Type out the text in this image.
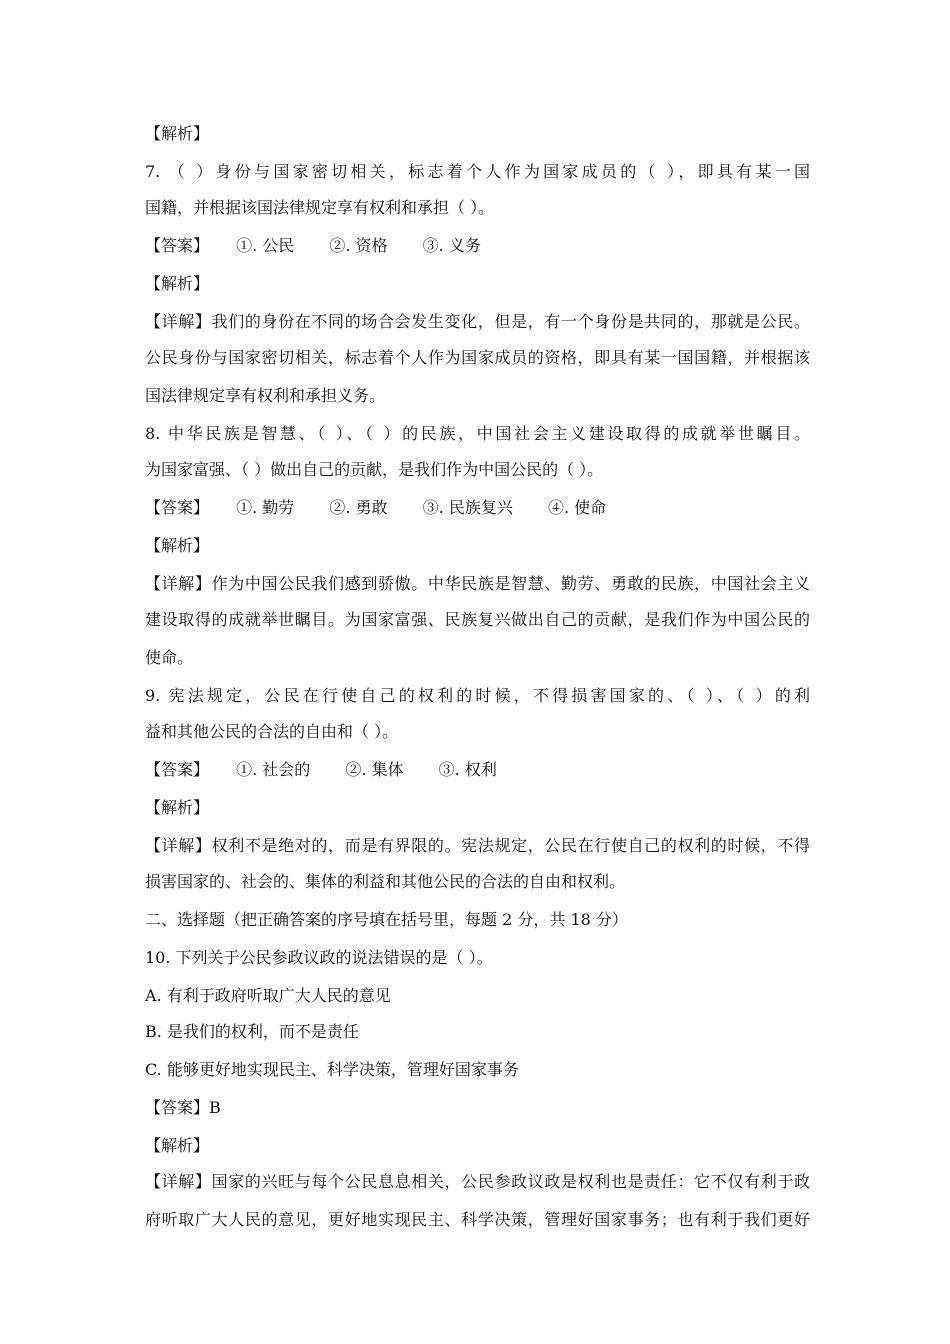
【解析】
7. （ ）身份与国家密切相关，标志着个人作为国家成员的（ ），即具有某一国
国籍，并根据该国法律规定享有权利和承担（ ）。
【答案】 ①. 公民 ②. 资格 ③. 义务
【解析】
【详解】我们的身份在不同的场合会发生变化，但是，有一个身份是共同的，那就是公民。
公民身份与国家密切相关，标志着个人作为国家成员的资格，即具有某一国国籍，并根据该
国法律规定享有权利和承担义务。
8. 中华民族是智慧、（ ）、（ ）的民族，中国社会主义建设取得的成就举世瞩目。
为国家富强、（ ）做出自己的贡献，是我们作为中国公民的（ ）。
【答案】 ①. 勤劳 ②. 勇敢 ③. 民族复兴 ④. 使命
【解析】
【详解】作为中国公民我们感到骄傲。中华民族是智慧、勤劳、勇敢的民族，中国社会主义
建设取得的成就举世瞩目。为国家富强、民族复兴做出自己的贡献，是我们作为中国公民的
使命。
9. 宪法规定，公民在行使自己的权利的时候，不得损害国家的、（ ）、（ ）的利
益和其他公民的合法的自由和（ ）。
【答案】 ①. 社会的 ②. 集体 ③. 权利
【解析】
【详解】权利不是绝对的，而是有界限的。宪法规定，公民在行使自己的权利的时候，不得
损害国家的、社会的、集体的利益和其他公民的合法的自由和权利。
二、选择题（把正确答案的序号填在括号里，每题 2 分，共 18 分）
10. 下列关于公民参政议政的说法错误的是（ ）。
A. 有利于政府听取广大人民的意见
B. 是我们的权利，而不是责任
C. 能够更好地实现民主、科学决策，管理好国家事务
【答案】B
【解析】
【详解】国家的兴旺与每个公民息息相关，公民参政议政是权利也是责任：它不仅有利于政
府听取广大人民的意见，更好地实现民主、科学决策，管理好国家事务；也有利于我们更好
